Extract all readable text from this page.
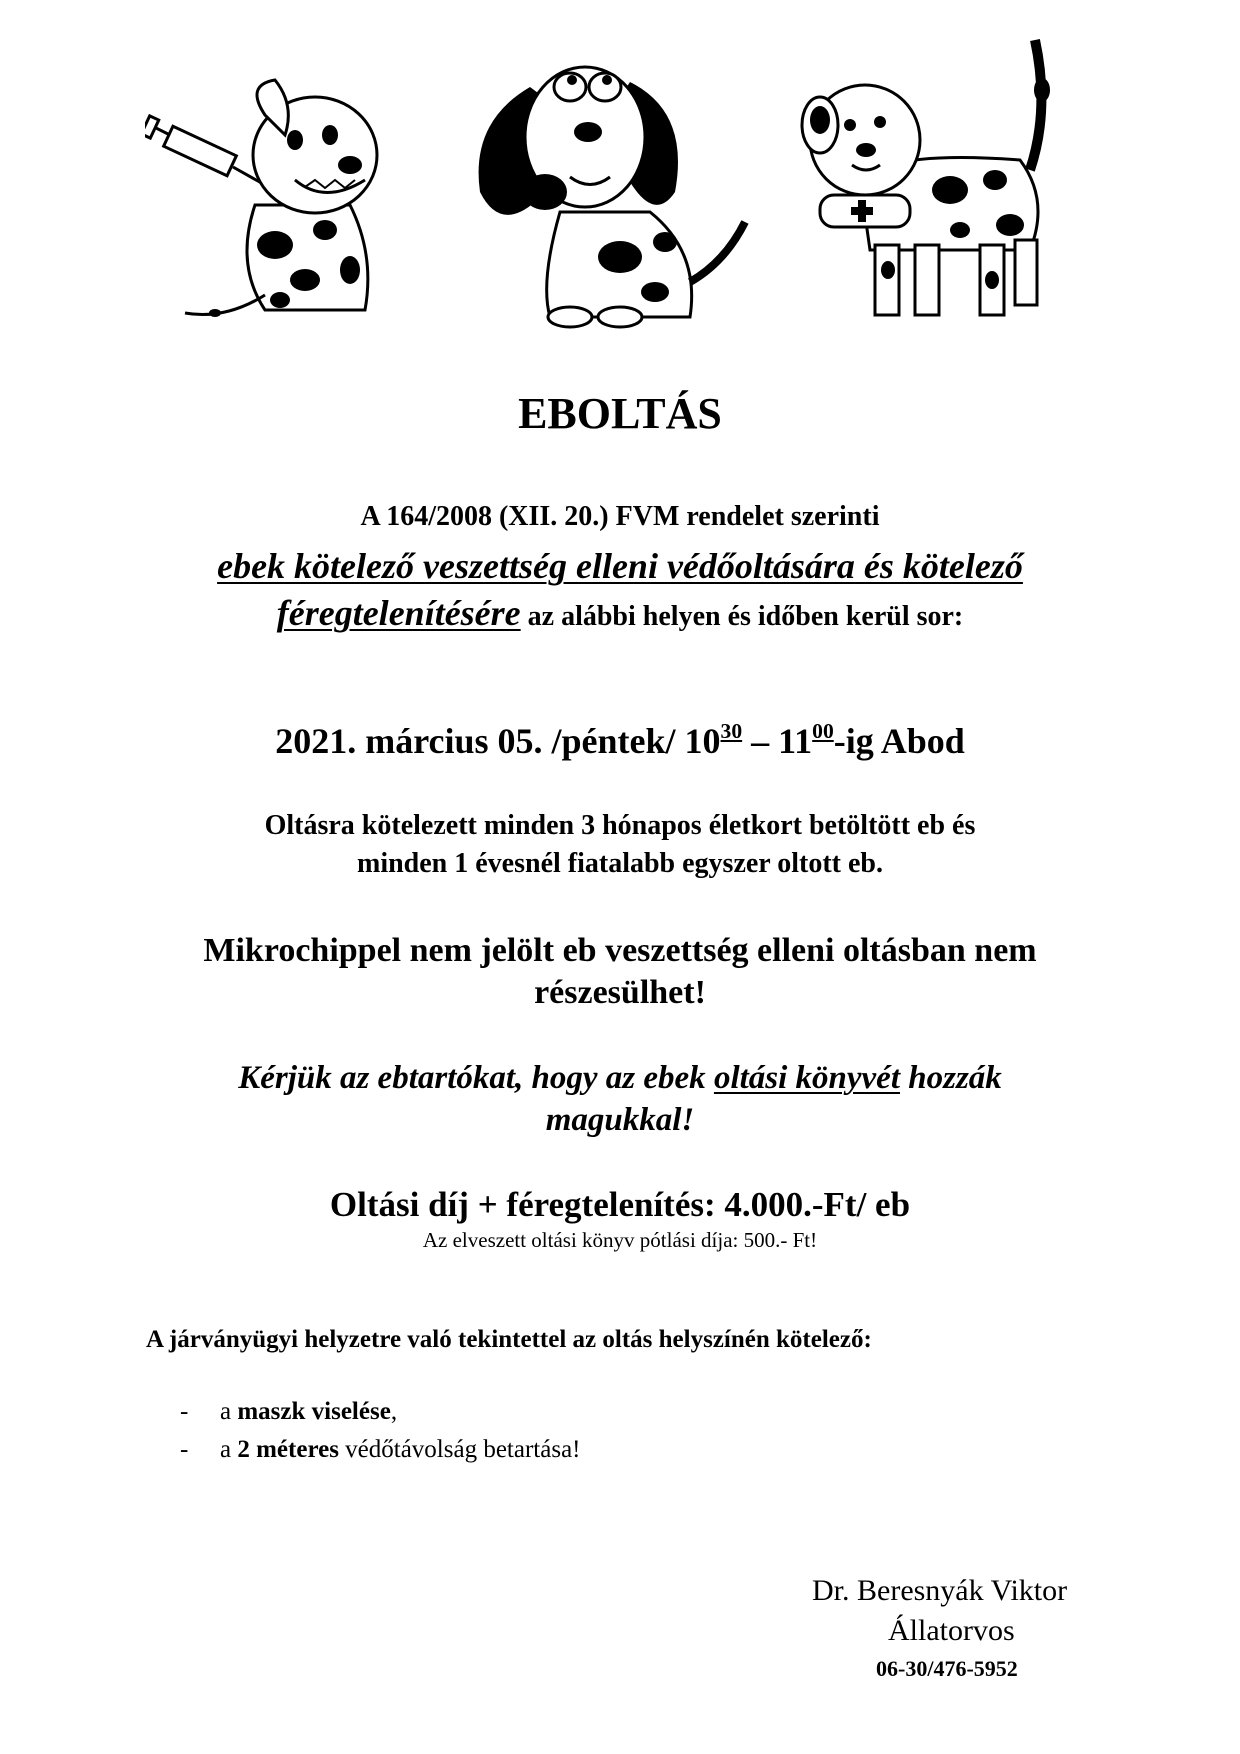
EBOLTÁS
A 164/2008 (XII. 20.) FVM rendelet szerinti
ebek kötelező veszettség elleni védőoltására és kötelező
féregtelenítésére az alábbi helyen és időben kerül sor:
2021. március 05. /péntek/ $10^{30} - 11^{00}-ig$ Abod
Oltásra kötelezett minden 3 hónapos életkort betöltött eb és
minden 1 évesnél fiatalabb egyszer oltott eb.
Mikrochippel nem jelölt eb veszettség elleni oltásban nem
részesülhet!
Kérjük az ebtartókat, hogy az ebek oltási könyvét hozzák
magukkal!
Oltási díj + féregtelenítés: 4.000.-Ft/ eb
Az elveszett oltási könyv pótlási díja: 500.- Ft!
A járványügyi helyzetre való tekintettel az oltás helyszínén kötelező:
- a maszk viselése,
- a 2 méteres védőtávolság betartása!
Dr. Beresnyák Viktor
Állatorvos
06-30/476-5952
